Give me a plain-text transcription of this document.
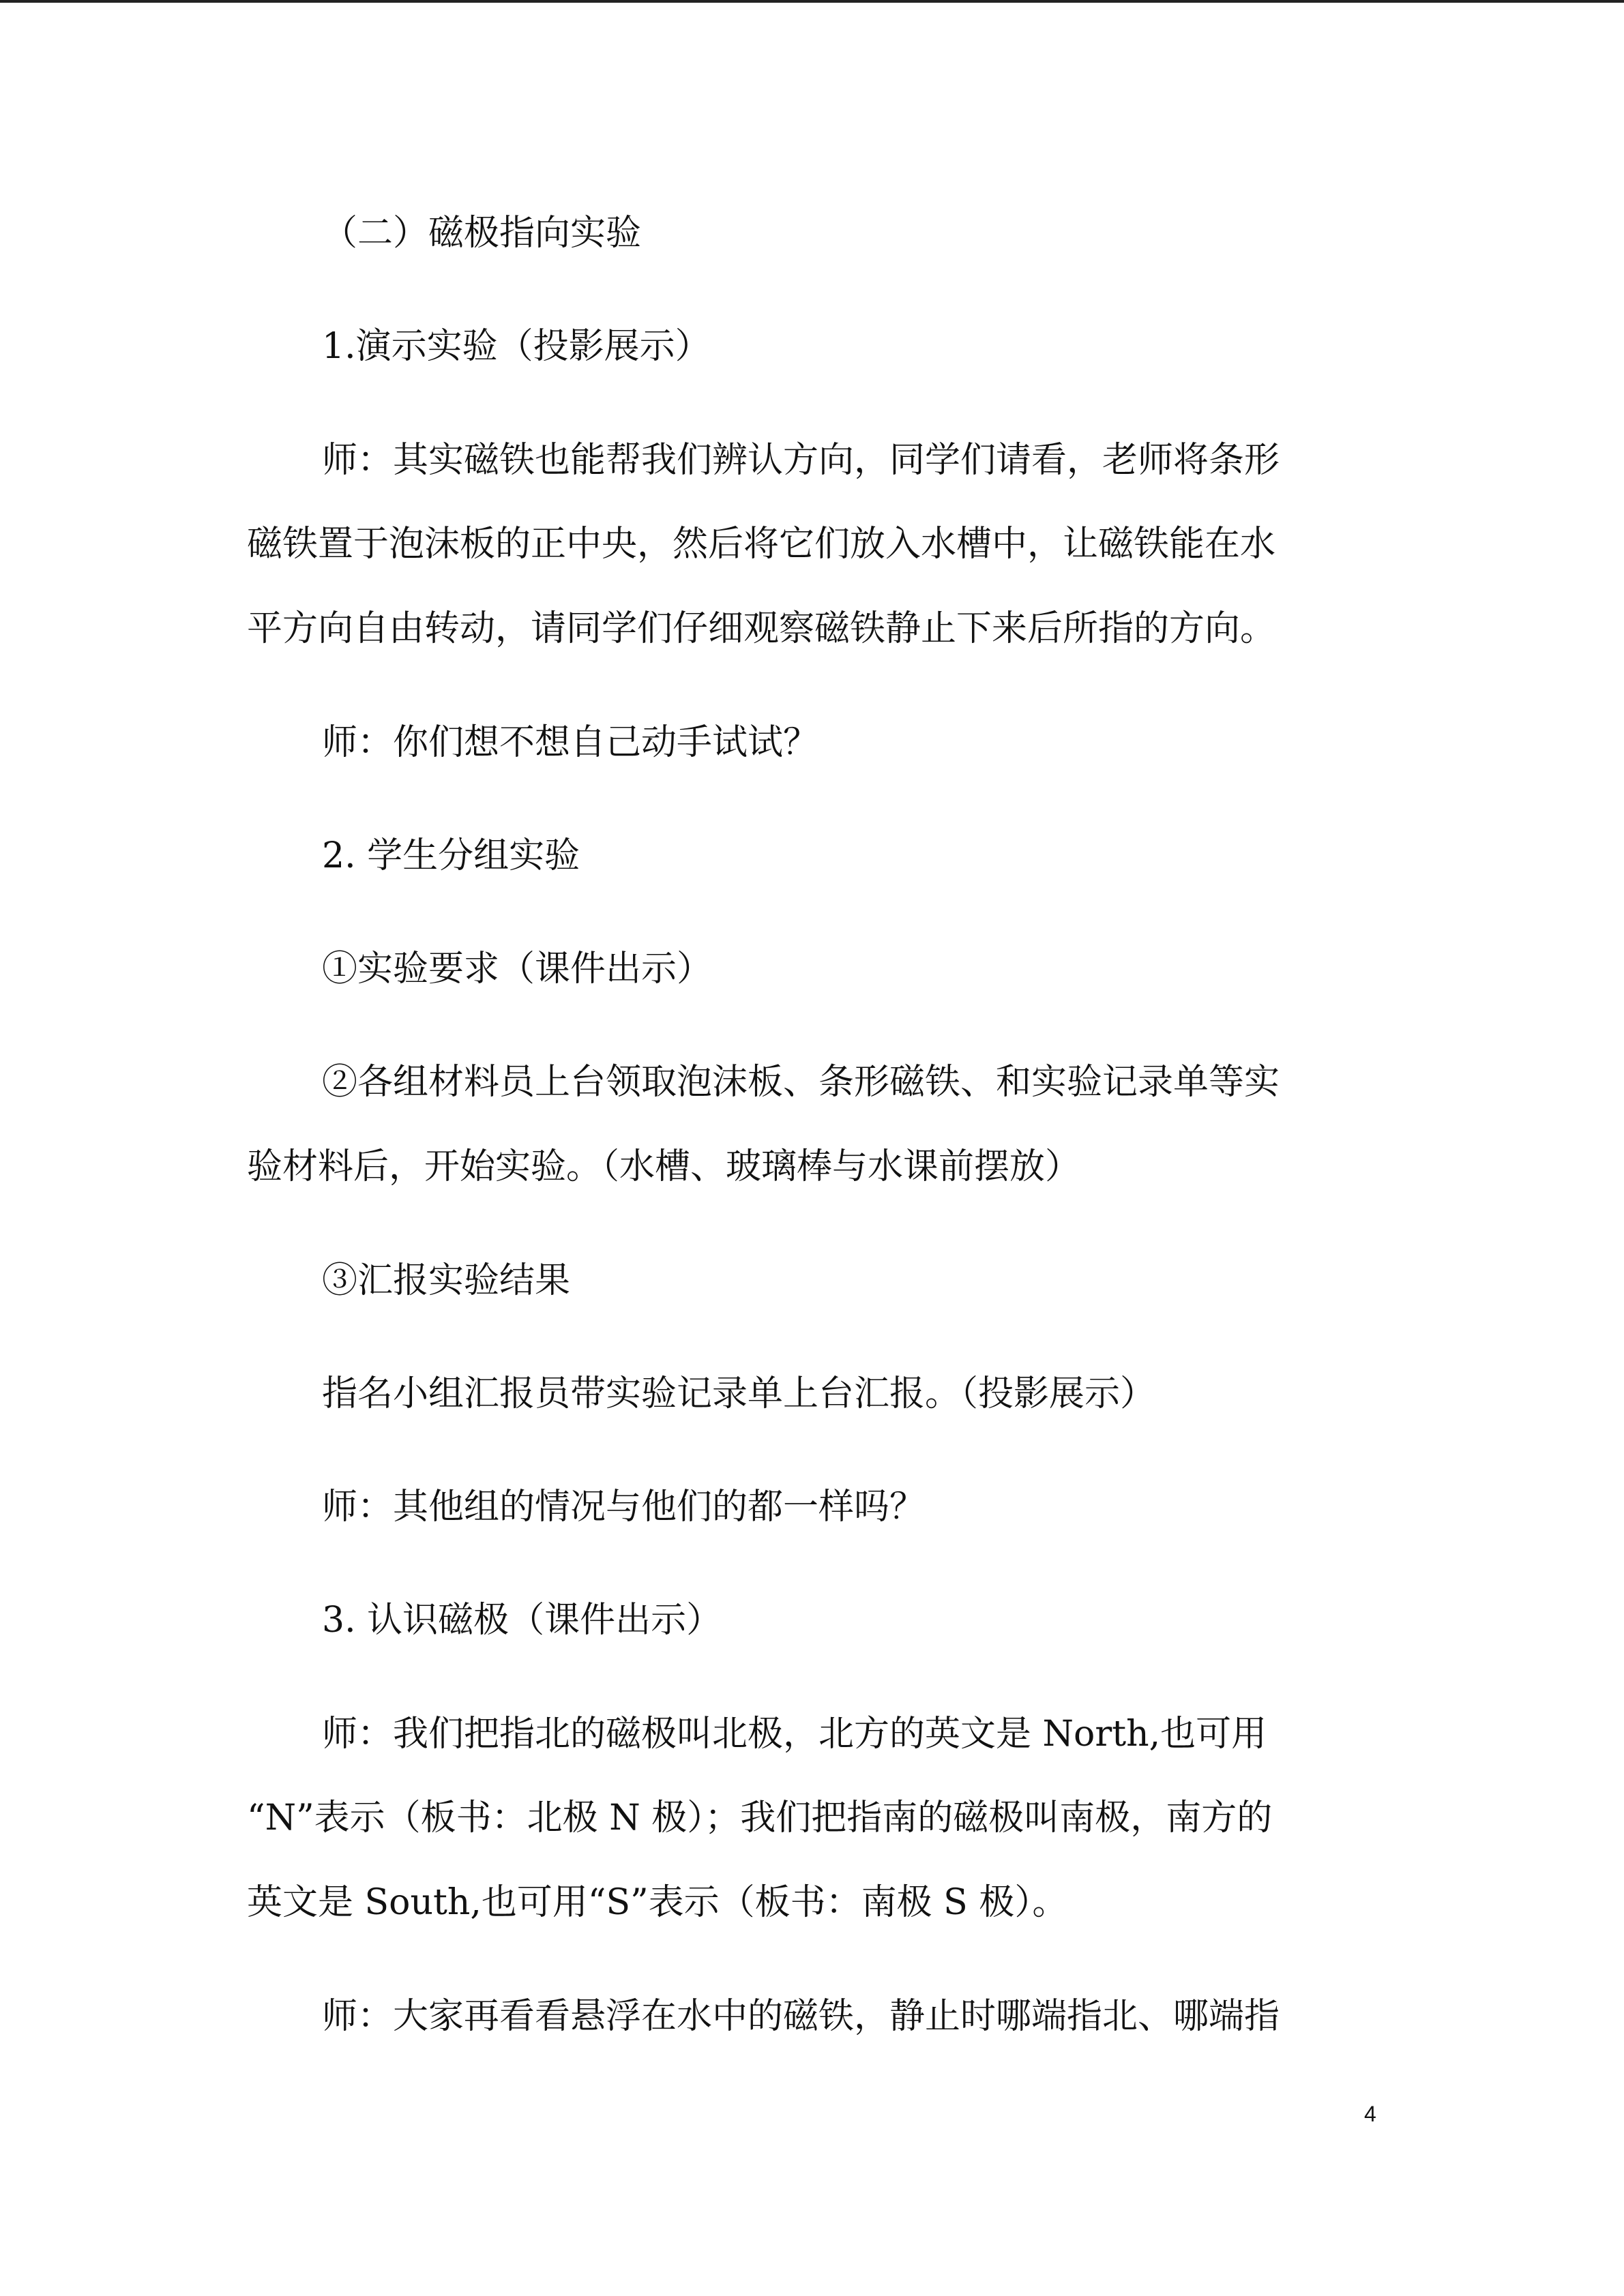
（二）磁极指向实验

1.演示实验（投影展示）

师：其实磁铁也能帮我们辨认方向，同学们请看，老师将条形

磁铁置于泡沫板的正中央，然后将它们放入水槽中，让磁铁能在水

平方向自由转动，请同学们仔细观察磁铁静止下来后所指的方向。

师：你们想不想自己动手试试？

2. 学生分组实验

①实验要求（课件出示）

②各组材料员上台领取泡沫板、条形磁铁、和实验记录单等实

验材料后，开始实验。（水槽、玻璃棒与水课前摆放）

③汇报实验结果

指名小组汇报员带实验记录单上台汇报。（投影展示）

师：其他组的情况与他们的都一样吗？

3. 认识磁极（课件出示）

师：我们把指北的磁极叫北极，北方的英文是 North,也可用

“N”表示（板书：北极 N 极）；我们把指南的磁极叫南极，南方的

英文是 South,也可用“S”表示（板书：南极 S 极）。

师：大家再看看悬浮在水中的磁铁，静止时哪端指北、哪端指

4
